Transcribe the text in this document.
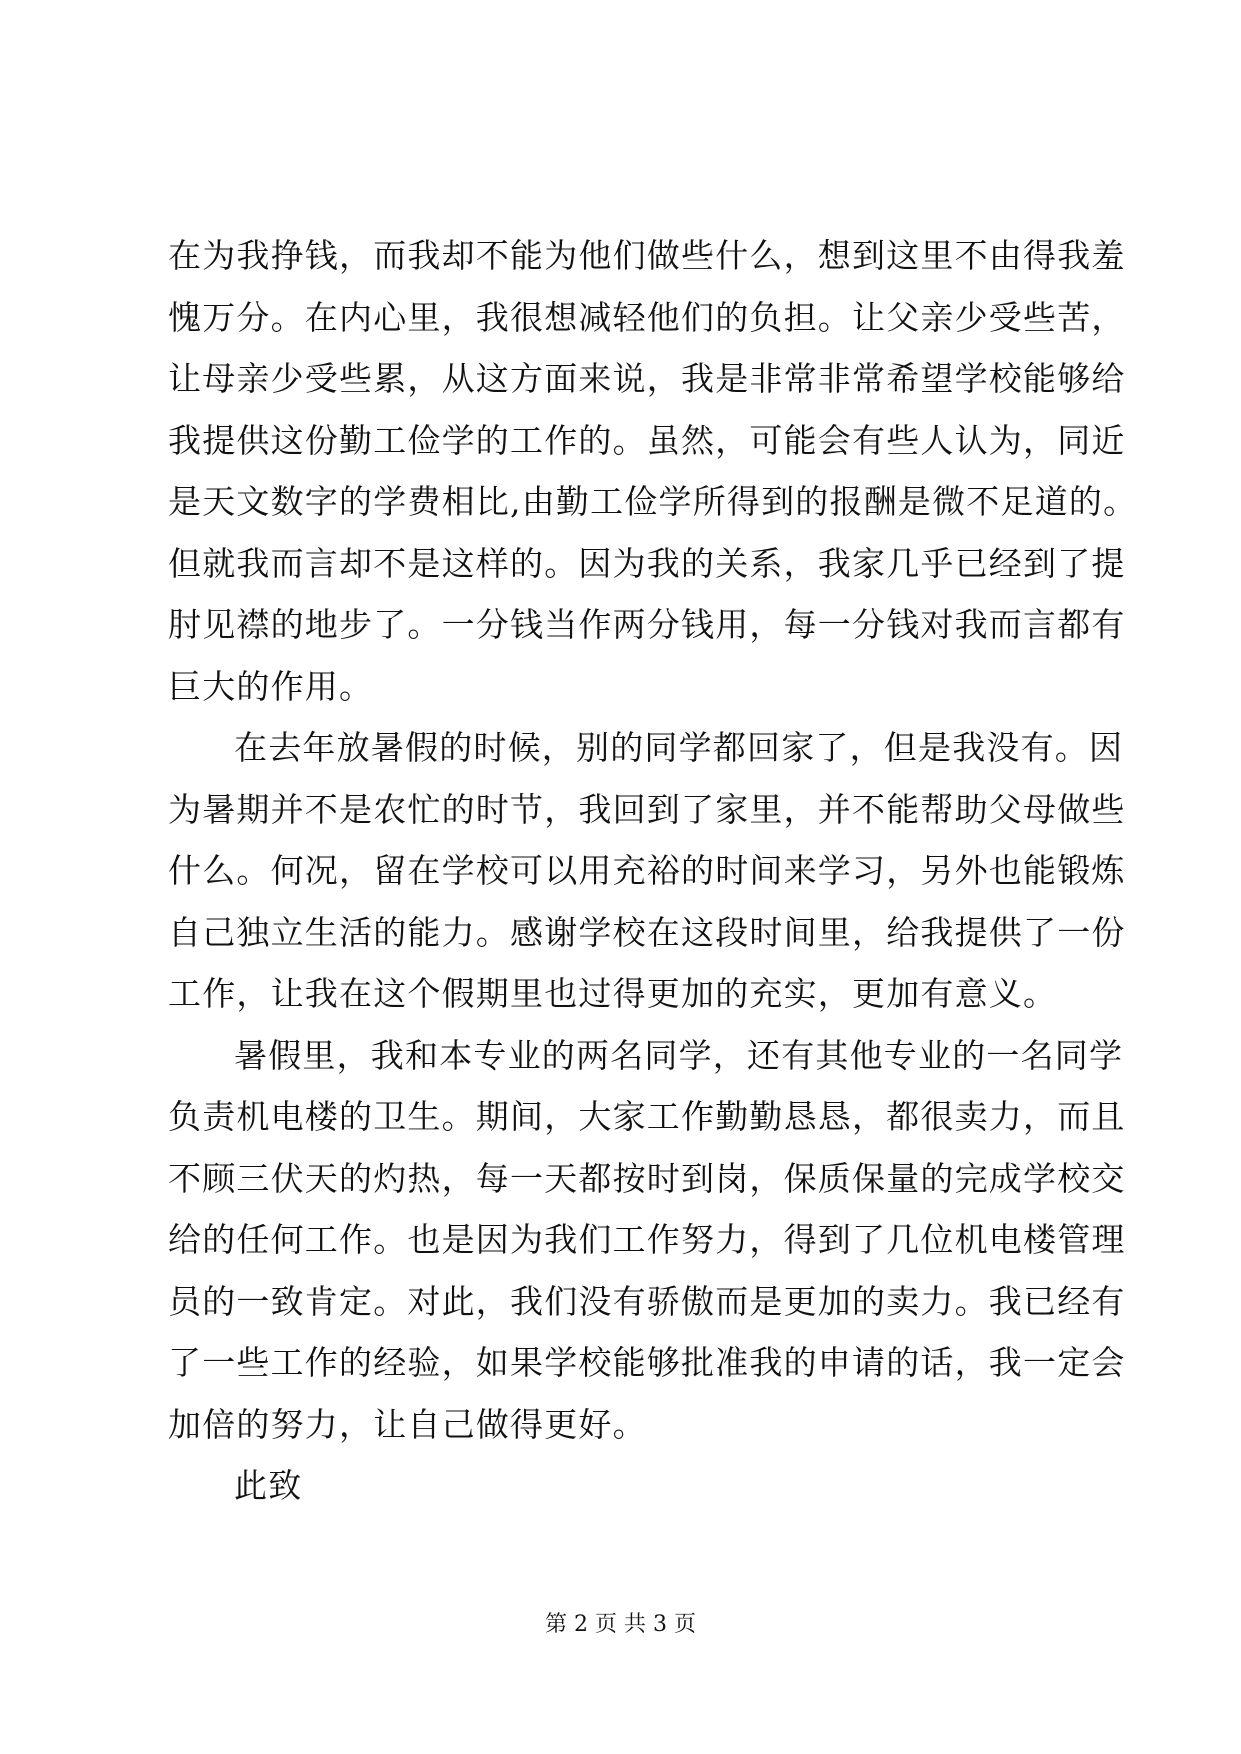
在为我挣钱，而我却不能为他们做些什么，想到这里不由得我羞
愧万分。在内心里，我很想减轻他们的负担。让父亲少受些苦，
让母亲少受些累，从这方面来说，我是非常非常希望学校能够给
我提供这份勤工俭学的工作的。虽然，可能会有些人认为，同近
是天文数字的学费相比,由勤工俭学所得到的报酬是微不足道的。
但就我而言却不是这样的。因为我的关系，我家几乎已经到了提
肘见襟的地步了。一分钱当作两分钱用，每一分钱对我而言都有
巨大的作用。
在去年放暑假的时候，别的同学都回家了，但是我没有。因
为暑期并不是农忙的时节，我回到了家里，并不能帮助父母做些
什么。何况，留在学校可以用充裕的时间来学习，另外也能锻炼
自己独立生活的能力。感谢学校在这段时间里，给我提供了一份
工作，让我在这个假期里也过得更加的充实，更加有意义。
暑假里，我和本专业的两名同学，还有其他专业的一名同学
负责机电楼的卫生。期间，大家工作勤勤恳恳，都很卖力，而且
不顾三伏天的灼热，每一天都按时到岗，保质保量的完成学校交
给的任何工作。也是因为我们工作努力，得到了几位机电楼管理
员的一致肯定。对此，我们没有骄傲而是更加的卖力。我已经有
了一些工作的经验，如果学校能够批准我的申请的话，我一定会
加倍的努力，让自己做得更好。
此致
第 2 页 共 3 页
